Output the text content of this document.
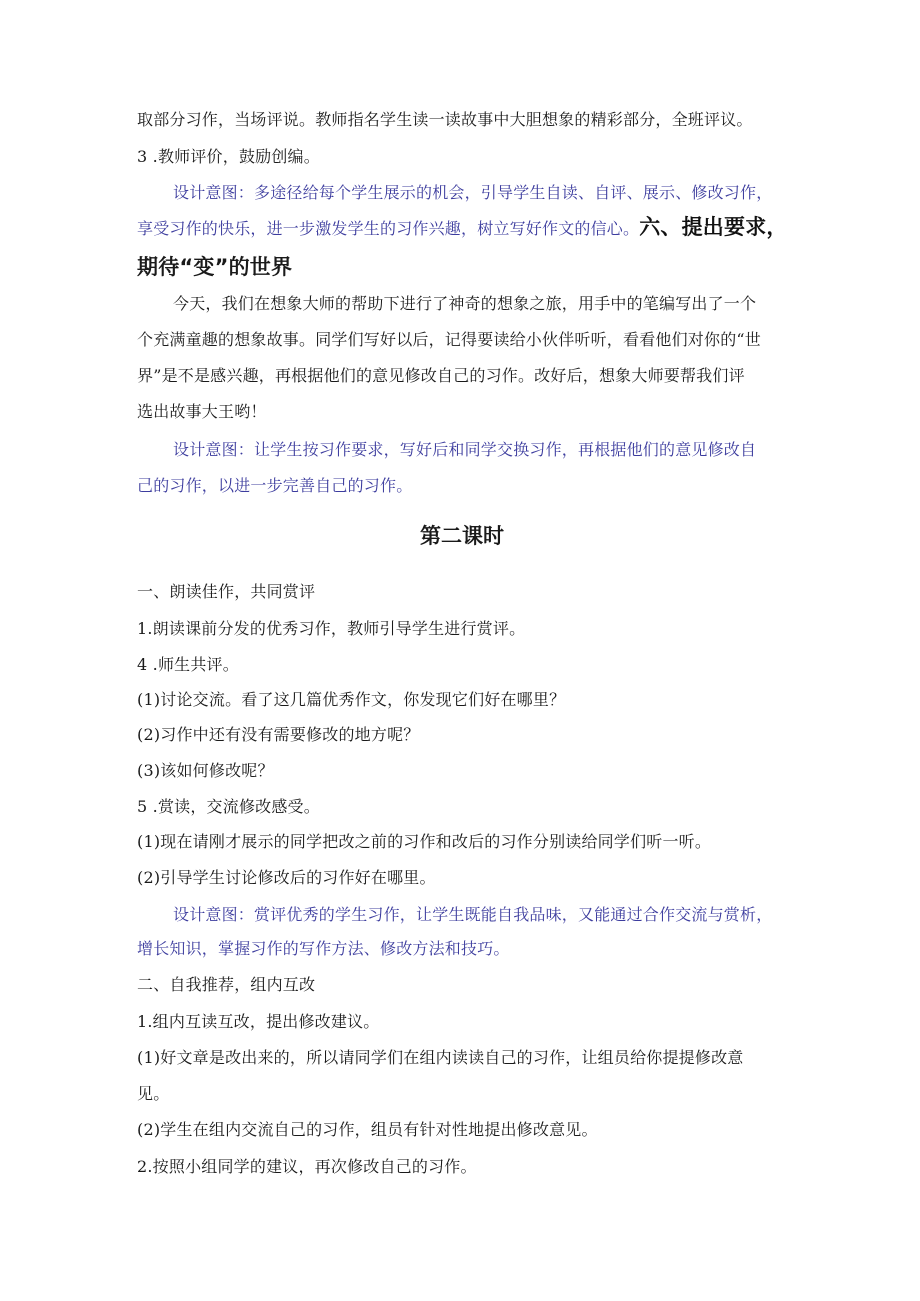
取部分习作，当场评说。教师指名学生读一读故事中大胆想象的精彩部分，全班评议。
3 .教师评价，鼓励创编。
设计意图：多途径给每个学生展示的机会，引导学生自读、自评、展示、修改习作，
享受习作的快乐，进一步激发学生的习作兴趣，树立写好作文的信心。六、提出要求，
期待“变”的世界
今天，我们在想象大师的帮助下进行了神奇的想象之旅，用手中的笔编写出了一个
个充满童趣的想象故事。同学们写好以后，记得要读给小伙伴听听，看看他们对你的“世
界”是不是感兴趣，再根据他们的意见修改自己的习作。改好后，想象大师要帮我们评
选出故事大王哟！
设计意图：让学生按习作要求，写好后和同学交换习作，再根据他们的意见修改自
己的习作，以进一步完善自己的习作。
第二课时
一、朗读佳作，共同赏评
1.朗读课前分发的优秀习作，教师引导学生进行赏评。
4 .师生共评。
(1)讨论交流。看了这几篇优秀作文，你发现它们好在哪里？
(2)习作中还有没有需要修改的地方呢？
(3)该如何修改呢？
5 .赏读，交流修改感受。
(1)现在请刚才展示的同学把改之前的习作和改后的习作分别读给同学们听一听。
(2)引导学生讨论修改后的习作好在哪里。
设计意图：赏评优秀的学生习作，让学生既能自我品味，又能通过合作交流与赏析，
增长知识，掌握习作的写作方法、修改方法和技巧。
二、自我推荐，组内互改
1.组内互读互改，提出修改建议。
(1)好文章是改出来的，所以请同学们在组内读读自己的习作，让组员给你提提修改意
见。
(2)学生在组内交流自己的习作，组员有针对性地提出修改意见。
2.按照小组同学的建议，再次修改自己的习作。
